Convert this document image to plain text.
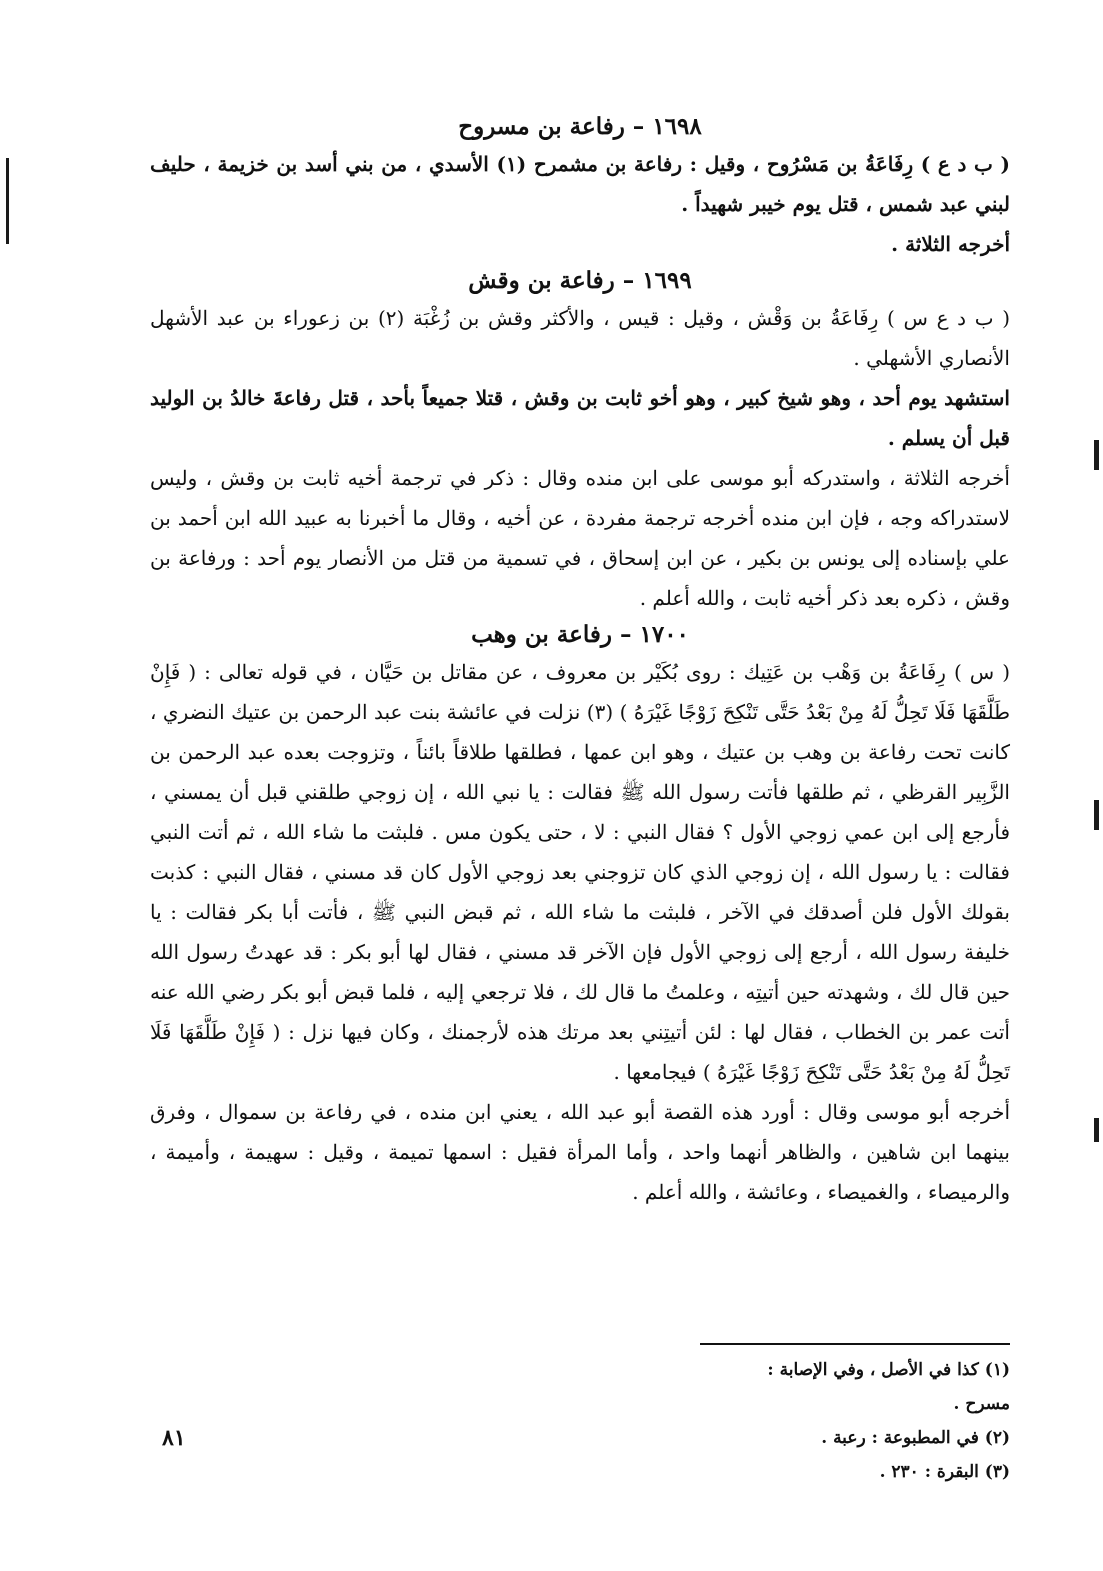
١٦٩٨ – رفاعة بن مسروح

( ب د ع ) رِفَاعَةُ بن مَسْرُوح ، وقيل : رفاعة بن مشمرح (١) الأسدي ، من بني أسد بن خزيمة ، حليف لبني عبد شمس ، قتل يوم خيبر شهيداً .

أخرجه الثلاثة .

١٦٩٩ – رفاعة بن وقش

( ب د ع س ) رِفَاعَةُ بن وَقْش ، وقيل : قيس ، والأكثر وقش بن زُغْبَة (٢) بن زعوراء بن عبد الأشهل الأنصاري الأشهلي .

استشهد يوم أحد ، وهو شيخ كبير ، وهو أخو ثابت بن وقش ، قتلا جميعاً بأحد ، قتل رفاعةَ خالدُ بن الوليد قبل أن يسلم .

أخرجه الثلاثة ، واستدركه أبو موسى على ابن منده وقال : ذكر في ترجمة أخيه ثابت بن وقش ، وليس لاستدراكه وجه ، فإن ابن منده أخرجه ترجمة مفردة ، عن أخيه ، وقال ما أخبرنا به عبيد الله ابن أحمد بن علي بإسناده إلى يونس بن بكير ، عن ابن إسحاق ، في تسمية من قتل من الأنصار يوم أحد : ورفاعة بن وقش ، ذكره بعد ذكر أخيه ثابت ، والله أعلم .

١٧٠٠ – رفاعة بن وهب

( س ) رِفَاعَةُ بن وَهْب بن عَتِيك : روى بُكَيْر بن معروف ، عن مقاتل بن حَيَّان ، في قوله تعالى : ( فَإِنْ طَلَّقَهَا فَلَا تَحِلُّ لَهُ مِنْ بَعْدُ حَتَّى تَنْكِحَ زَوْجًا غَيْرَهُ ) (٣) نزلت في عائشة بنت عبد الرحمن بن عتيك النضري ، كانت تحت رفاعة بن وهب بن عتيك ، وهو ابن عمها ، فطلقها طلاقاً بائناً ، وتزوجت بعده عبد الرحمن بن الزَّبِير القرظي ، ثم طلقها فأتت رسول الله ﷺ فقالت : يا نبي الله ، إن زوجي طلقني قبل أن يمسني ، فأرجع إلى ابن عمي زوجي الأول ؟ فقال النبي : لا ، حتى يكون مس . فلبثت ما شاء الله ، ثم أتت النبي فقالت : يا رسول الله ، إن زوجي الذي كان تزوجني بعد زوجي الأول كان قد مسني ، فقال النبي : كذبت بقولك الأول فلن أصدقك في الآخر ، فلبثت ما شاء الله ، ثم قبض النبي ﷺ ، فأتت أبا بكر فقالت : يا خليفة رسول الله ، أرجع إلى زوجي الأول فإن الآخر قد مسني ، فقال لها أبو بكر : قد عهدتُ رسول الله حين قال لك ، وشهدته حين أتيتِه ، وعلمتُ ما قال لك ، فلا ترجعي إليه ، فلما قبض أبو بكر رضي الله عنه أتت عمر بن الخطاب ، فقال لها : لئن أتيتِني بعد مرتك هذه لأرجمنك ، وكان فيها نزل : ( فَإِنْ طَلَّقَهَا فَلَا تَحِلُّ لَهُ مِنْ بَعْدُ حَتَّى تَنْكِحَ زَوْجًا غَيْرَهُ ) فيجامعها .

أخرجه أبو موسى وقال : أورد هذه القصة أبو عبد الله ، يعني ابن منده ، في رفاعة بن سموال ، وفرق بينهما ابن شاهين ، والظاهر أنهما واحد ، وأما المرأة فقيل : اسمها تميمة ، وقيل : سهيمة ، وأميمة ، والرميصاء ، والغميصاء ، وعائشة ، والله أعلم .

(١) كذا في الأصل ، وفي الإصابة : مسرح .

(٢) في المطبوعة : رعبة .

(٣) البقرة : ٢٣٠ .

٨١
